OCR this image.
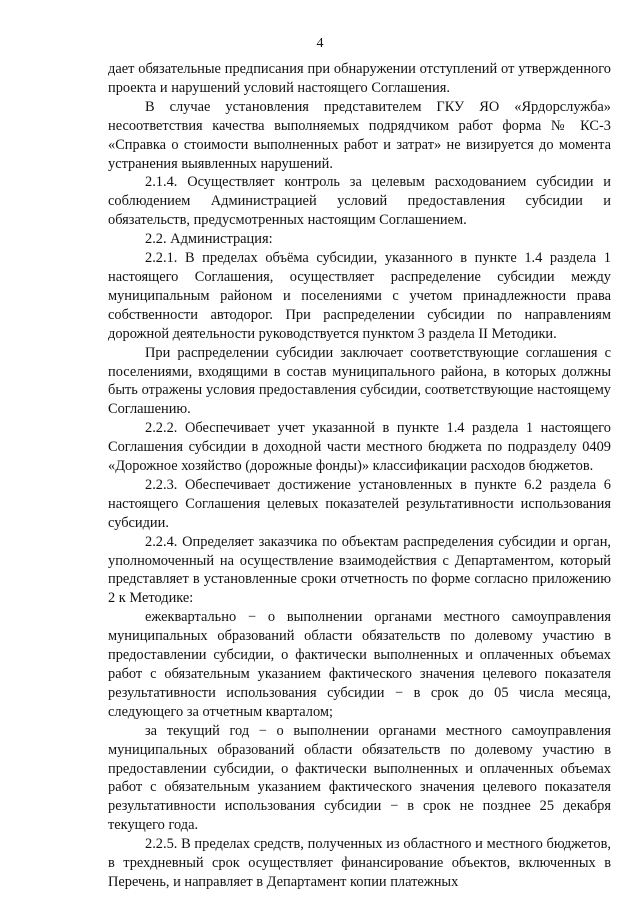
4

дает обязательные предписания при обнаружении отступлений от утвержденного проекта и нарушений условий настоящего Соглашения.

В случае установления представителем ГКУ ЯО «Ярдорслужба» несоответствия качества выполняемых подрядчиком работ форма № КС-3 «Справка о стоимости выполненных работ и затрат» не визируется до момента устранения выявленных нарушений.

2.1.4. Осуществляет контроль за целевым расходованием субсидии и соблюдением Администрацией условий предоставления субсидии и обязательств, предусмотренных настоящим Соглашением.

2.2. Администрация:

2.2.1. В пределах объёма субсидии, указанного в пункте 1.4 раздела 1 настоящего Соглашения, осуществляет распределение субсидии между муниципальным районом и поселениями с учетом принадлежности права собственности автодорог. При распределении субсидии по направлениям дорожной деятельности руководствуется пунктом 3 раздела II Методики.

При распределении субсидии заключает соответствующие соглашения с поселениями, входящими в состав муниципального района, в которых должны быть отражены условия предоставления субсидии, соответствующие настоящему Соглашению.

2.2.2. Обеспечивает учет указанной в пункте 1.4 раздела 1 настоящего Соглашения субсидии в доходной части местного бюджета по подразделу 0409 «Дорожное хозяйство (дорожные фонды)» классификации расходов бюджетов.

2.2.3. Обеспечивает достижение установленных в пункте 6.2 раздела 6 настоящего Соглашения целевых показателей результативности использования субсидии.

2.2.4. Определяет заказчика по объектам распределения субсидии и орган, уполномоченный на осуществление взаимодействия с Департаментом, который представляет в установленные сроки отчетность по форме согласно приложению 2 к Методике:

ежеквартально − о выполнении органами местного самоуправления муниципальных образований области обязательств по долевому участию в предоставлении субсидии, о фактически выполненных и оплаченных объемах работ с обязательным указанием фактического значения целевого показателя результативности использования субсидии − в срок до 05 числа месяца, следующего за отчетным кварталом;

за текущий год − о выполнении органами местного самоуправления муниципальных образований области обязательств по долевому участию в предоставлении субсидии, о фактически выполненных и оплаченных объемах работ с обязательным указанием фактического значения целевого показателя результативности использования субсидии − в срок не позднее 25 декабря текущего года.

2.2.5. В пределах средств, полученных из областного и местного бюджетов, в трехдневный срок осуществляет финансирование объектов, включенных в Перечень, и направляет в Департамент копии платежных
